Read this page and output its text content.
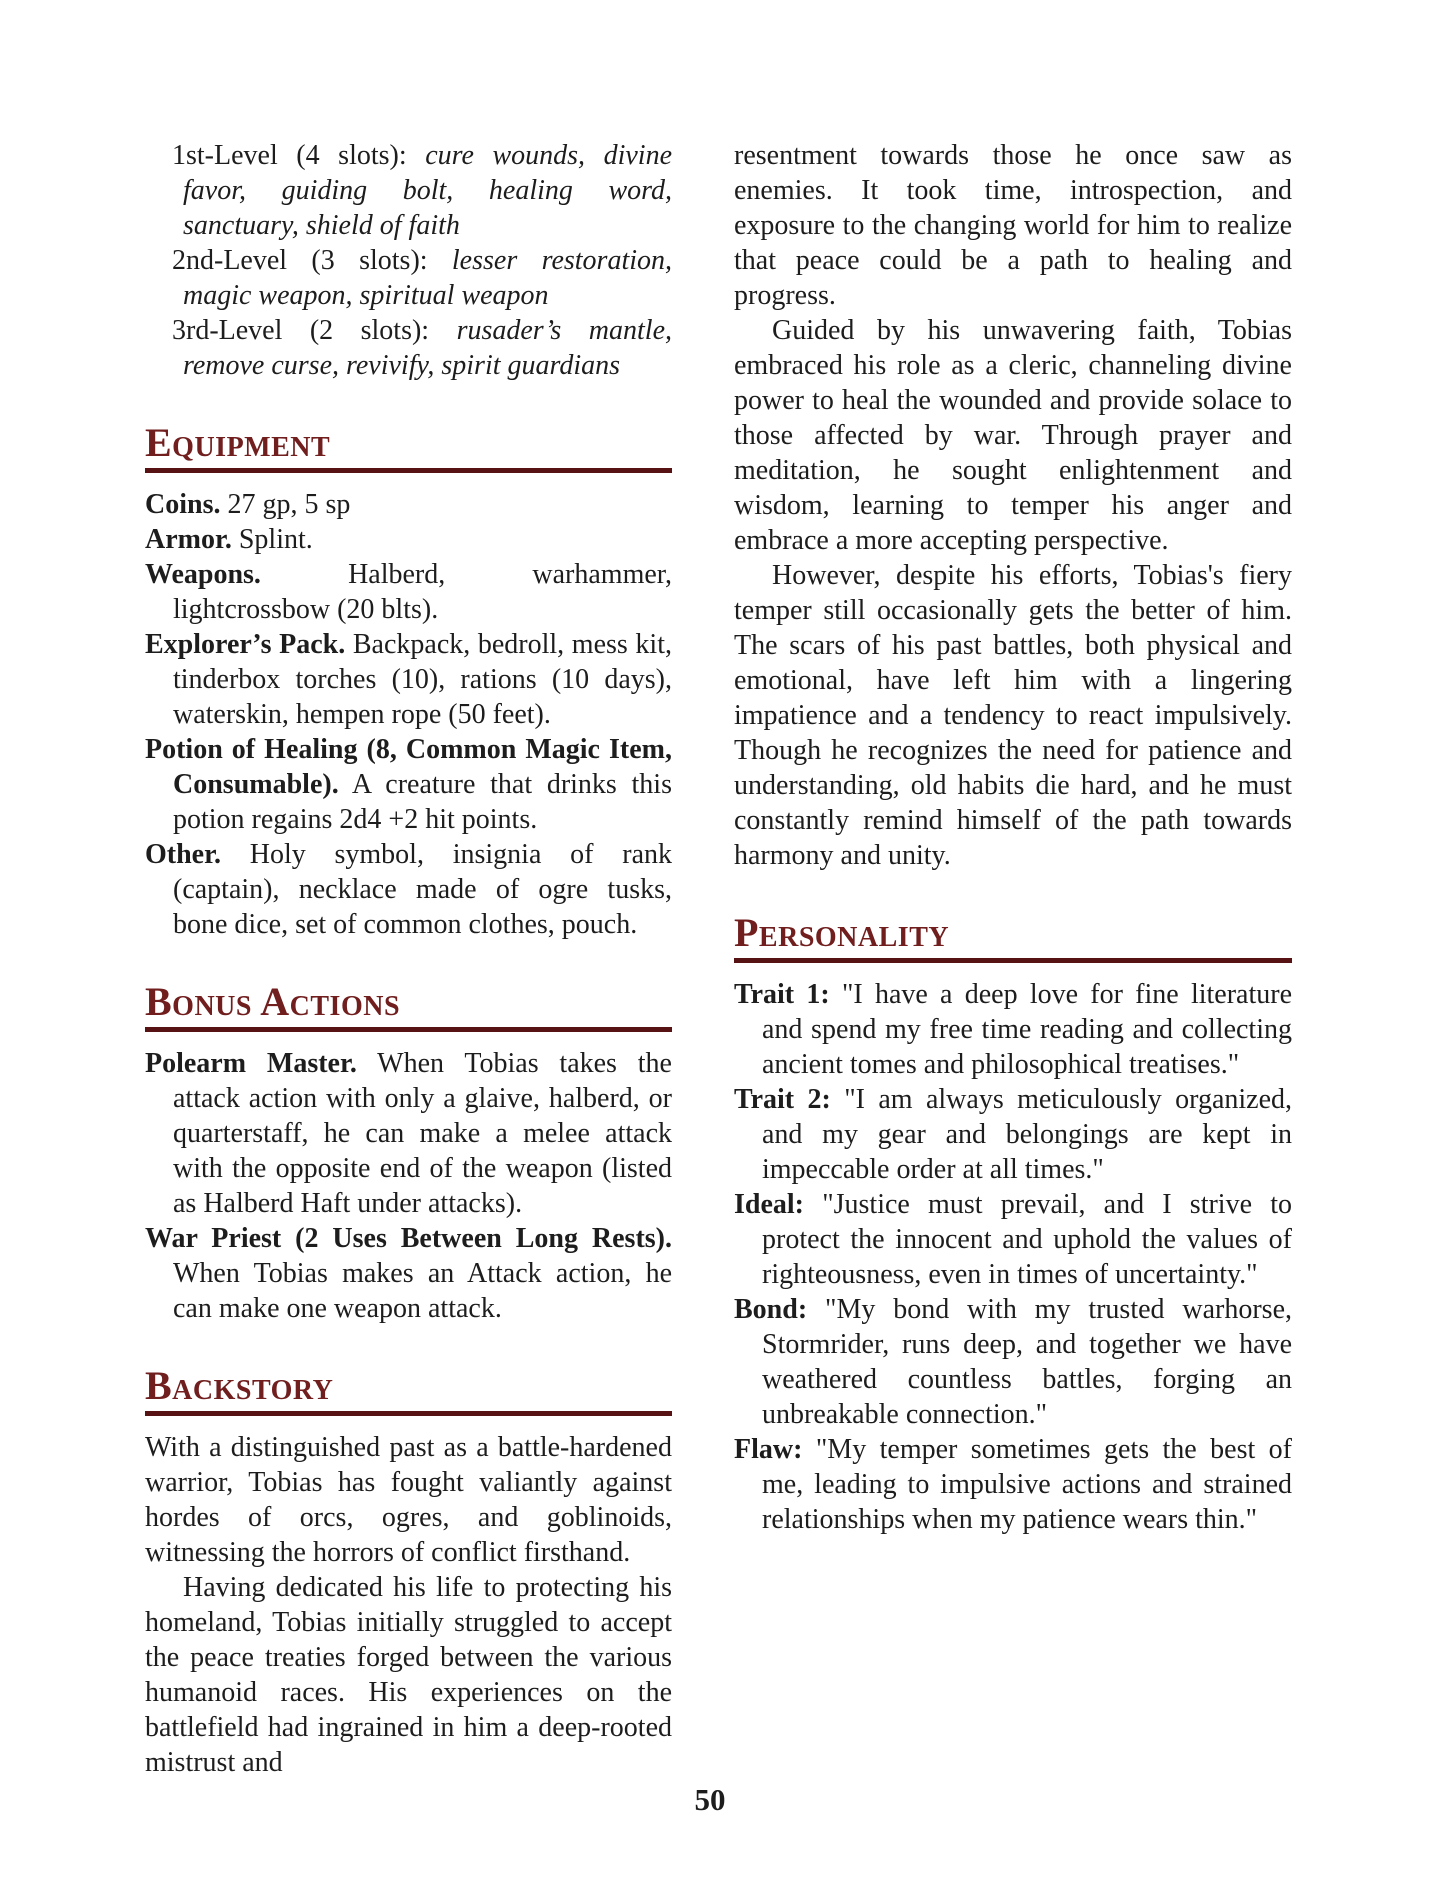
1st-Level (4 slots): cure wounds, divine favor, guiding bolt, healing word, sanctuary, shield of faith

2nd-Level (3 slots): lesser restoration, magic weapon, spiritual weapon

3rd-Level (2 slots): rusader’s mantle, remove curse, revivify, spirit guardians

Equipment

Coins. 27 gp, 5 sp

Armor. Splint.

Weapons.	Halberd, warhammer, lightcrossbow (20 blts).

Explorer’s Pack. Backpack, bedroll, mess kit, tinderbox torches (10), rations (10 days), waterskin, hempen rope (50 feet).

Potion of Healing (8, Common Magic Item, Consumable). A creature that drinks this potion regains 2d4 +2 hit points.

Other. Holy symbol, insignia of rank (captain), necklace made of ogre tusks, bone dice, set of common clothes, pouch.

Bonus Actions

Polearm Master. When Tobias takes the attack action with only a glaive, halberd, or quarterstaff, he can make a melee attack with the opposite end of the weapon (listed as Halberd Haft under attacks).

War Priest (2 Uses Between Long Rests). When Tobias makes an Attack action, he can make one weapon attack.

Backstory

With a distinguished past as a battle-hardened warrior, Tobias has fought valiantly against hordes of orcs, ogres, and goblinoids, witnessing the horrors of conflict firsthand.

Having dedicated his life to protecting his homeland, Tobias initially struggled to accept the peace treaties forged between the various humanoid races. His experiences on the battlefield had ingrained in him a deep-rooted mistrust and

resentment towards those he once saw as enemies. It took time, introspection, and exposure to the changing world for him to realize that peace could be a path to healing and progress.

Guided by his unwavering faith, Tobias embraced his role as a cleric, channeling divine power to heal the wounded and provide solace to those affected by war. Through prayer and meditation, he sought enlightenment and wisdom, learning to temper his anger and embrace a more accepting perspective.

However, despite his efforts, Tobias's fiery temper still occasionally gets the better of him. The scars of his past battles, both physical and emotional, have left him with a lingering impatience and a tendency to react impulsively. Though he recognizes the need for patience and understanding, old habits die hard, and he must constantly remind himself of the path towards harmony and unity.

Personality

Trait 1: "I have a deep love for fine literature and spend my free time reading and collecting ancient tomes and philosophical treatises."

Trait 2: "I am always meticulously organized, and my gear and belongings are kept in impeccable order at all times."

Ideal: "Justice must prevail, and I strive to protect the innocent and uphold the values of righteousness, even in times of uncertainty."

Bond: "My bond with my trusted warhorse, Stormrider, runs deep, and together we have weathered countless battles, forging an unbreakable connection."

Flaw: "My temper sometimes gets the best of me, leading to impulsive actions and strained relationships when my patience wears thin."

50
